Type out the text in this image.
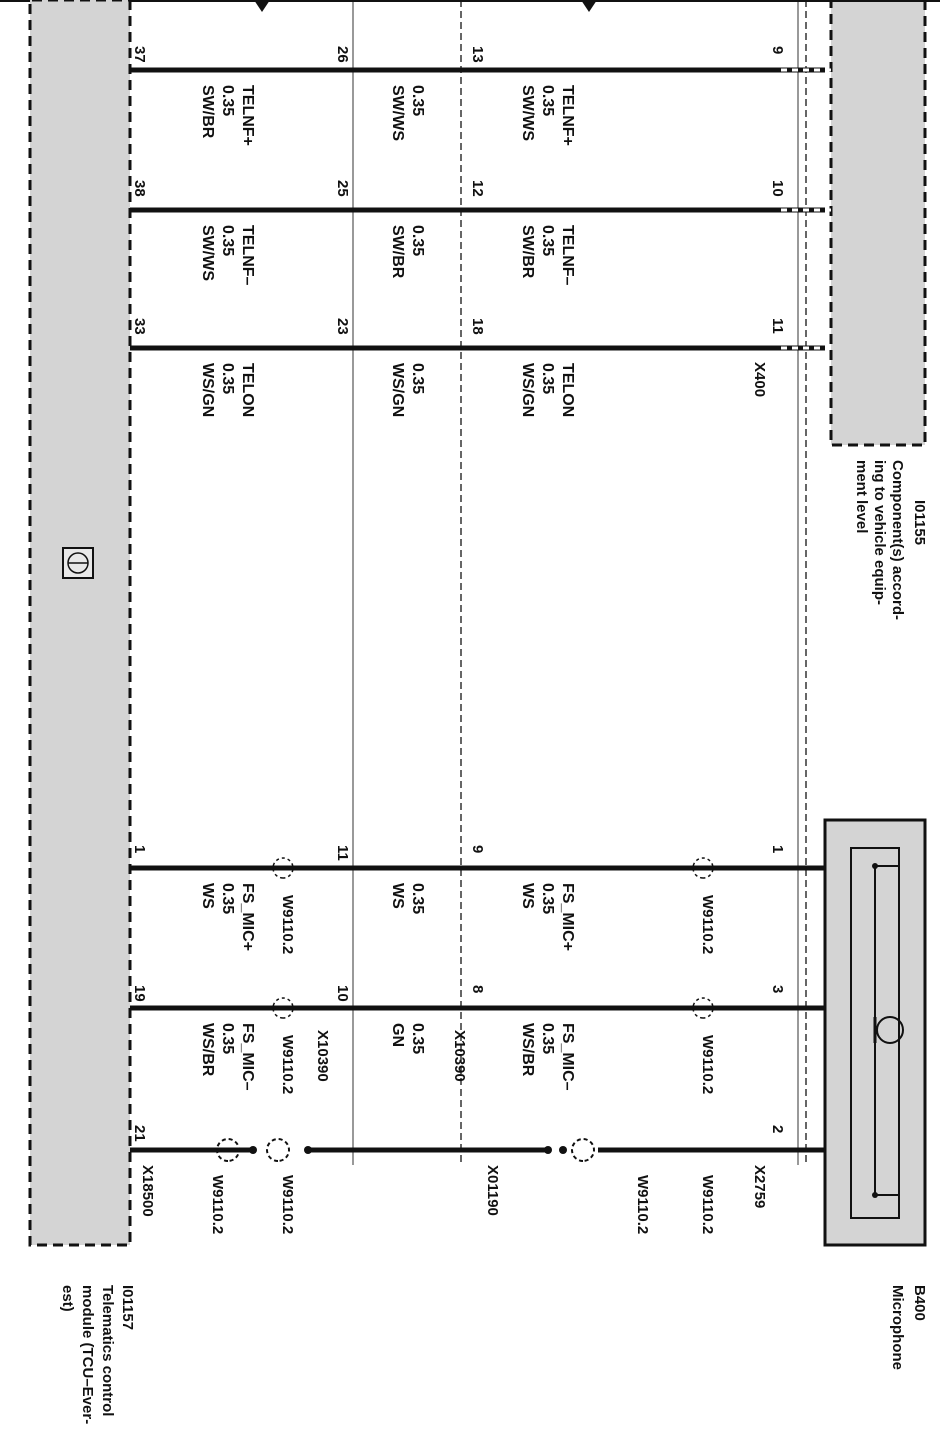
I01155
Component(s) accord-
ing to vehicle equip-
ment level
B400
Microphone
I01157
Telematics control
module (TCU–Ever-
est)
9
10
11
X400
13
12
18
26
25
23
37
38
33
1
3
2
X2759
9
8
X10390
X01190
11
10
X10390
1
19
21
X18500
W9110.2
W9110.2
W9110.2
W9110.2
W9110.2
W9110.2
W9110.2
W9110.2
TELNF+
0.35
SW/WS
TELNF–
0.35
SW/BR
TELON
0.35
WS/GN
0.35
SW/WS
0.35
SW/BR
0.35
WS/GN
TELNF+
0.35
SW/BR
TELNF–
0.35
SW/WS
TELON
0.35
WS/GN
FS_MIC+
0.35
WS
FS_MIC–
0.35
WS/BR
0.35
WS
0.35
GN
FS_MIC+
0.35
WS
FS_MIC–
0.35
WS/BR
